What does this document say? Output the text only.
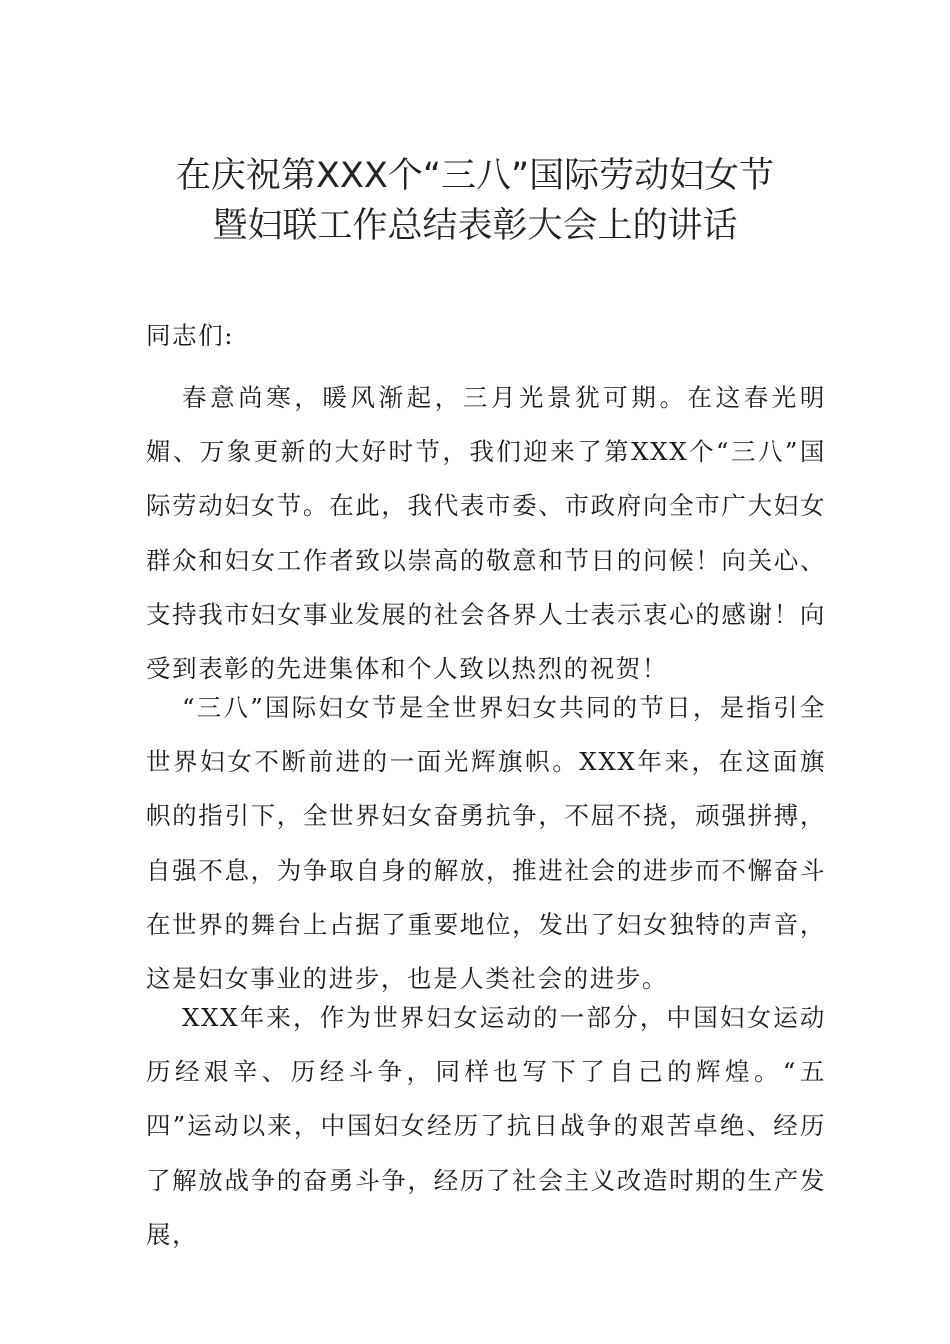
在庆祝第XXX个“三八”国际劳动妇女节
暨妇联工作总结表彰大会上的讲话
同志们:

春意尚寒，暖风渐起，三月光景犹可期。在这春光明媚、万象更新的大好时节，我们迎来了第XXX个“三八”国际劳动妇女节。在此，我代表市委、市政府向全市广大妇女群众和妇女工作者致以崇高的敬意和节日的问候！向关心、支持我市妇女事业发展的社会各界人士表示衷心的感谢！向受到表彰的先进集体和个人致以热烈的祝贺！

“三八”国际妇女节是全世界妇女共同的节日，是指引全世界妇女不断前进的一面光辉旗帜。XXX年来，在这面旗帜的指引下，全世界妇女奋勇抗争，不屈不挠，顽强拼搏，自强不息，为争取自身的解放，推进社会的进步而不懈奋斗在世界的舞台上占据了重要地位，发出了妇女独特的声音，这是妇女事业的进步，也是人类社会的进步。

XXX年来，作为世界妇女运动的一部分，中国妇女运动历经艰辛、历经斗争，同样也写下了自己的辉煌。“五四”运动以来，中国妇女经历了抗日战争的艰苦卓绝、经历了解放战争的奋勇斗争，经历了社会主义改造时期的生产发展，
